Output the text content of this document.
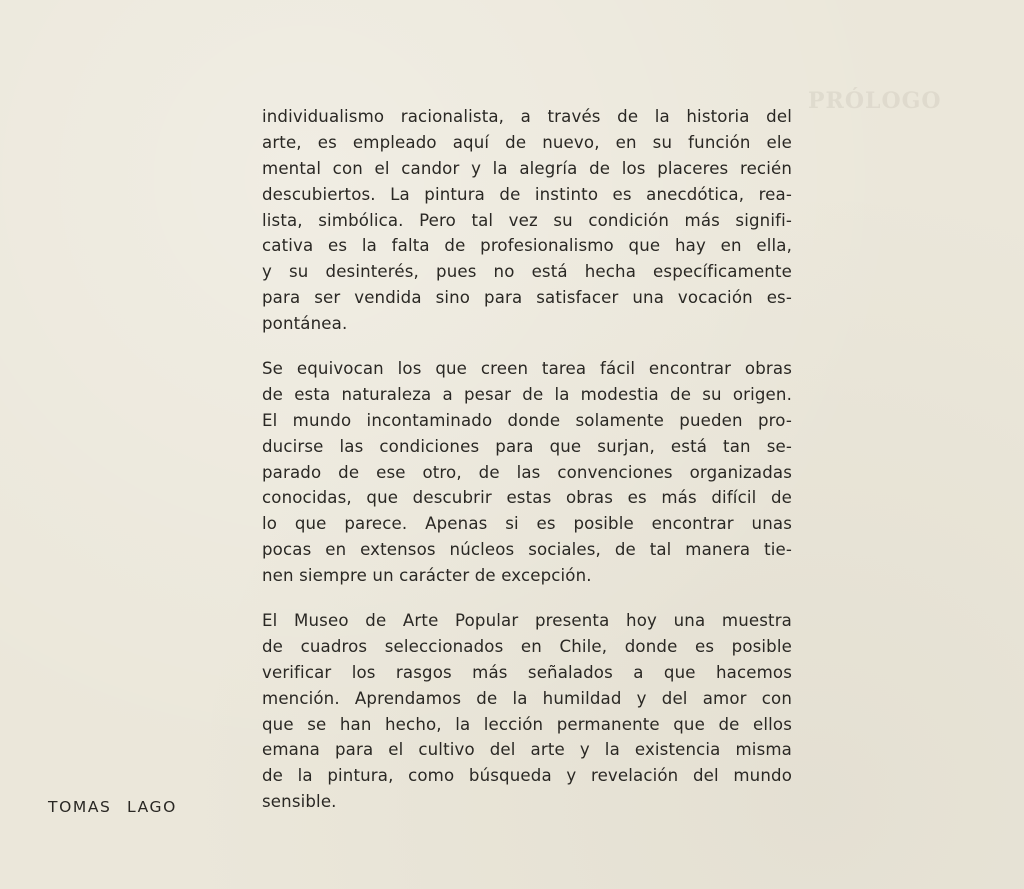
PRÓLOGO
individualismo racionalista, a través de la historia del
arte, es empleado aquí de nuevo, en su función ele
mental con el candor y la alegría de los placeres recién
descubiertos. La pintura de instinto es anecdótica, rea-
lista, simbólica. Pero tal vez su condición más signifi-
cativa es la falta de profesionalismo que hay en ella,
y su desinterés, pues no está hecha específicamente
para ser vendida sino para satisfacer una vocación es-
pontánea.
Se equivocan los que creen tarea fácil encontrar obras
de esta naturaleza a pesar de la modestia de su origen.
El mundo incontaminado donde solamente pueden pro-
ducirse las condiciones para que surjan, está tan se-
parado de ese otro, de las convenciones organizadas
conocidas, que descubrir estas obras es más difícil de
lo que parece. Apenas si es posible encontrar unas
pocas en extensos núcleos sociales, de tal manera tie-
nen siempre un carácter de excepción.
El Museo de Arte Popular presenta hoy una muestra
de cuadros seleccionados en Chile, donde es posible
verificar los rasgos más señalados a que hacemos
mención. Aprendamos de la humildad y del amor con
que se han hecho, la lección permanente que de ellos
emana para el cultivo del arte y la existencia misma
de la pintura, como búsqueda y revelación del mundo
sensible.
TOMAS LAGO
